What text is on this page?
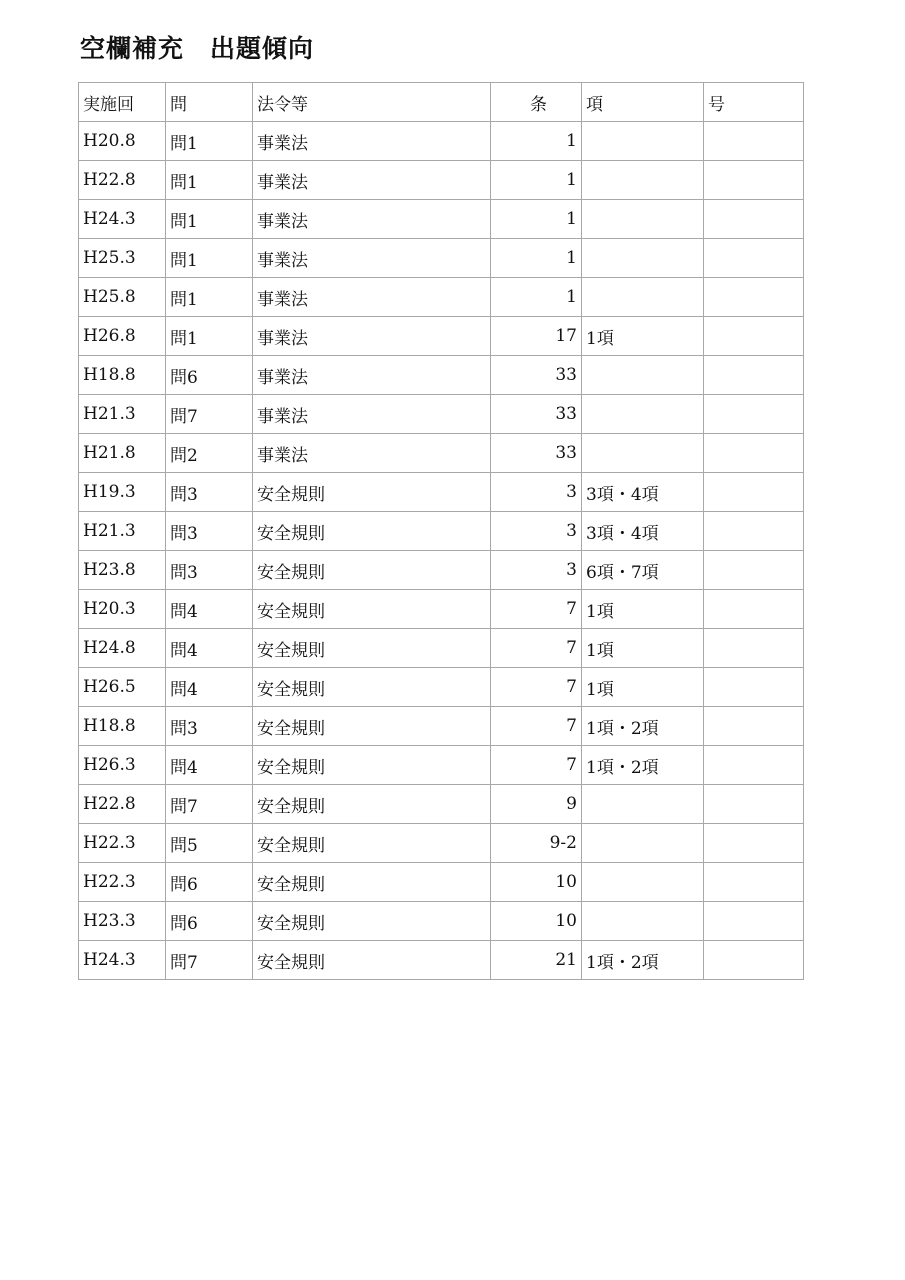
空欄補充　出題傾向
実施回	問	法令等	条	項	号
H20.8	問1	事業法	1		
H22.8	問1	事業法	1		
H24.3	問1	事業法	1		
H25.3	問1	事業法	1		
H25.8	問1	事業法	1		
H26.8	問1	事業法	17	1項	
H18.8	問6	事業法	33		
H21.3	問7	事業法	33		
H21.8	問2	事業法	33		
H19.3	問3	安全規則	3	3項・4項	
H21.3	問3	安全規則	3	3項・4項	
H23.8	問3	安全規則	3	6項・7項	
H20.3	問4	安全規則	7	1項	
H24.8	問4	安全規則	7	1項	
H26.5	問4	安全規則	7	1項	
H18.8	問3	安全規則	7	1項・2項	
H26.3	問4	安全規則	7	1項・2項	
H22.8	問7	安全規則	9		
H22.3	問5	安全規則	9-2		
H22.3	問6	安全規則	10		
H23.3	問6	安全規則	10		
H24.3	問7	安全規則	21	1項・2項	
